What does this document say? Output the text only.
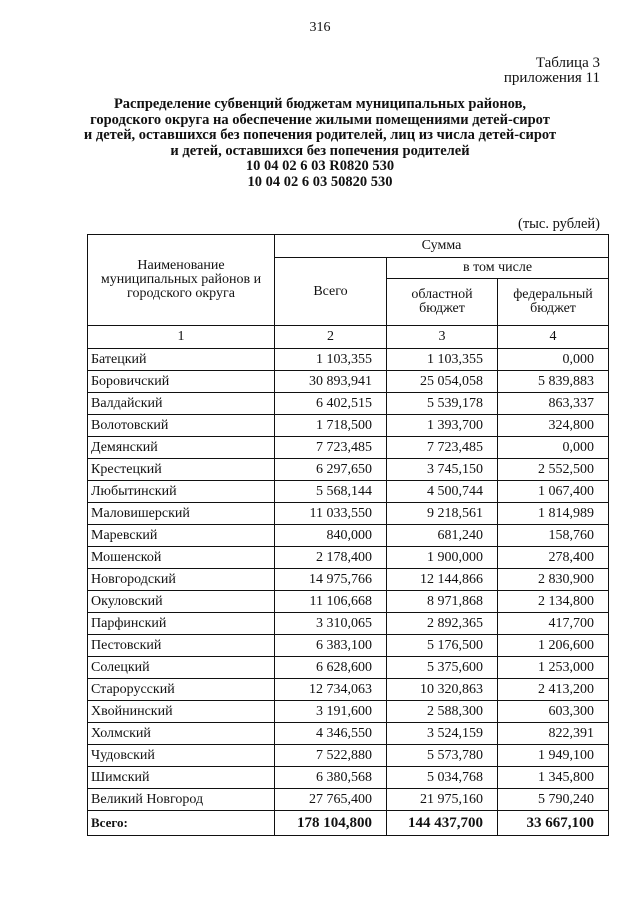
316
Таблица 3
приложения 11
Распределение субвенций бюджетам муниципальных районов,
городского округа на обеспечение жилыми помещениями детей-сирот
и детей, оставшихся без попечения родителей, лиц из числа детей-сирот
и детей, оставшихся без попечения родителей
10 04 02 6 03 R0820 530
10 04 02 6 03 50820 530
(тыс. рублей)
Наименование муниципальных районов и городского округа	Сумма		
	Всего	в том числе	
		областной бюджет	федеральный бюджет
1	2	3	4
Батецкий	1 103,355	1 103,355	0,000
Боровичский	30 893,941	25 054,058	5 839,883
Валдайский	6 402,515	5 539,178	863,337
Волотовский	1 718,500	1 393,700	324,800
Демянский	7 723,485	7 723,485	0,000
Крестецкий	6 297,650	3 745,150	2 552,500
Любытинский	5 568,144	4 500,744	1 067,400
Маловишерский	11 033,550	9 218,561	1 814,989
Маревский	840,000	681,240	158,760
Мошенской	2 178,400	1 900,000	278,400
Новгородский	14 975,766	12 144,866	2 830,900
Окуловский	11 106,668	8 971,868	2 134,800
Парфинский	3 310,065	2 892,365	417,700
Пестовский	6 383,100	5 176,500	1 206,600
Солецкий	6 628,600	5 375,600	1 253,000
Старорусский	12 734,063	10 320,863	2 413,200
Хвойнинский	3 191,600	2 588,300	603,300
Холмский	4 346,550	3 524,159	822,391
Чудовский	7 522,880	5 573,780	1 949,100
Шимский	6 380,568	5 034,768	1 345,800
Великий Новгород	27 765,400	21 975,160	5 790,240
Всего:	178 104,800	144 437,700	33 667,100
